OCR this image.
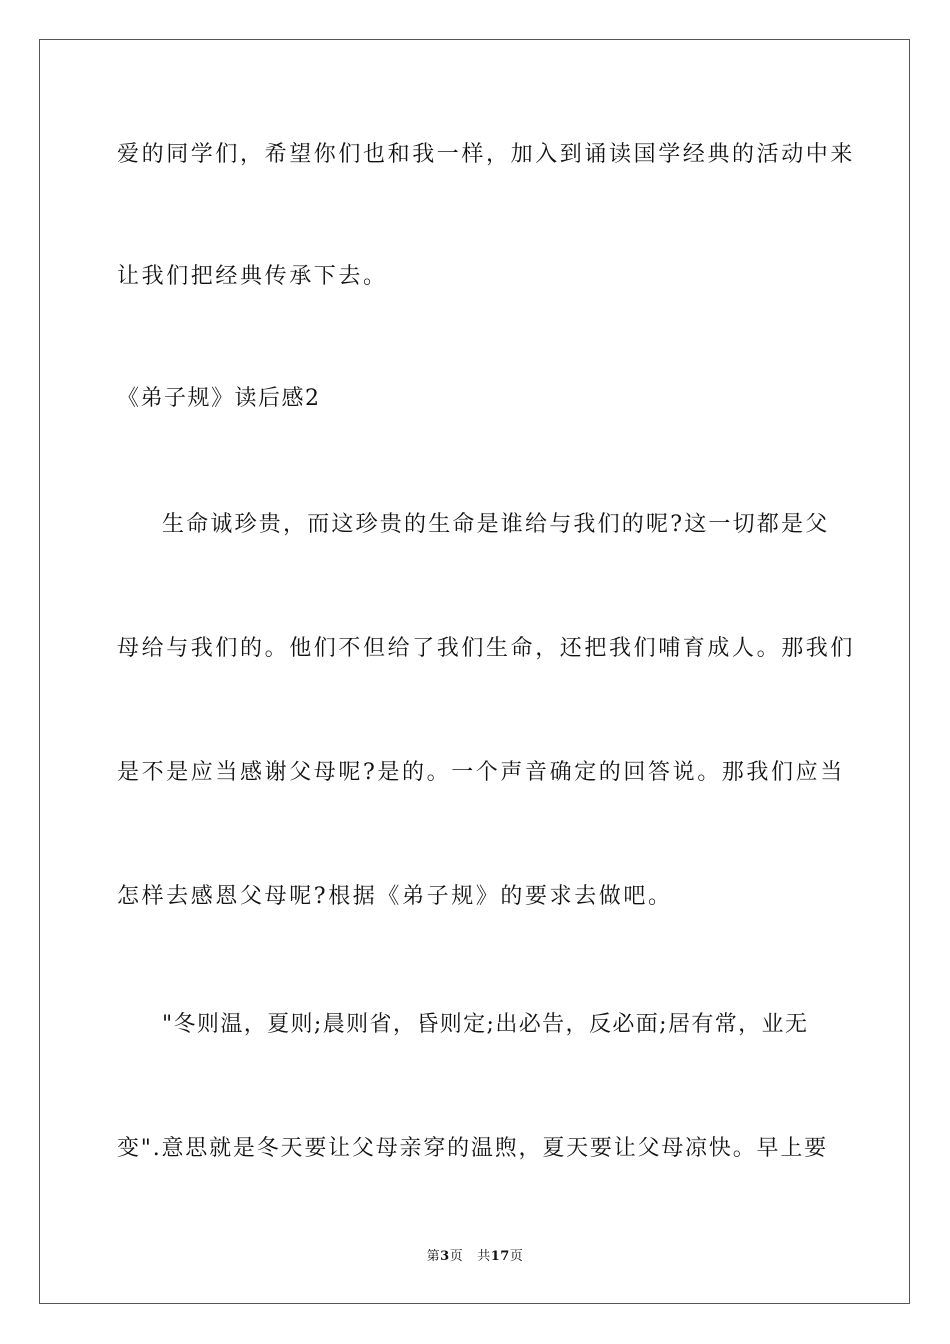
爱的同学们，希望你们也和我一样，加入到诵读国学经典的活动中来
让我们把经典传承下去。
《弟子规》读后感2
生命诚珍贵，而这珍贵的生命是谁给与我们的呢?这一切都是父
母给与我们的。他们不但给了我们生命，还把我们哺育成人。那我们
是不是应当感谢父母呢?是的。一个声音确定的回答说。那我们应当
怎样去感恩父母呢?根据《弟子规》的要求去做吧。
"冬则温，夏则;晨则省，昏则定;出必告，反必面;居有常，业无
变".意思就是冬天要让父母亲穿的温煦，夏天要让父母凉快。早上要
第3页 共17页
